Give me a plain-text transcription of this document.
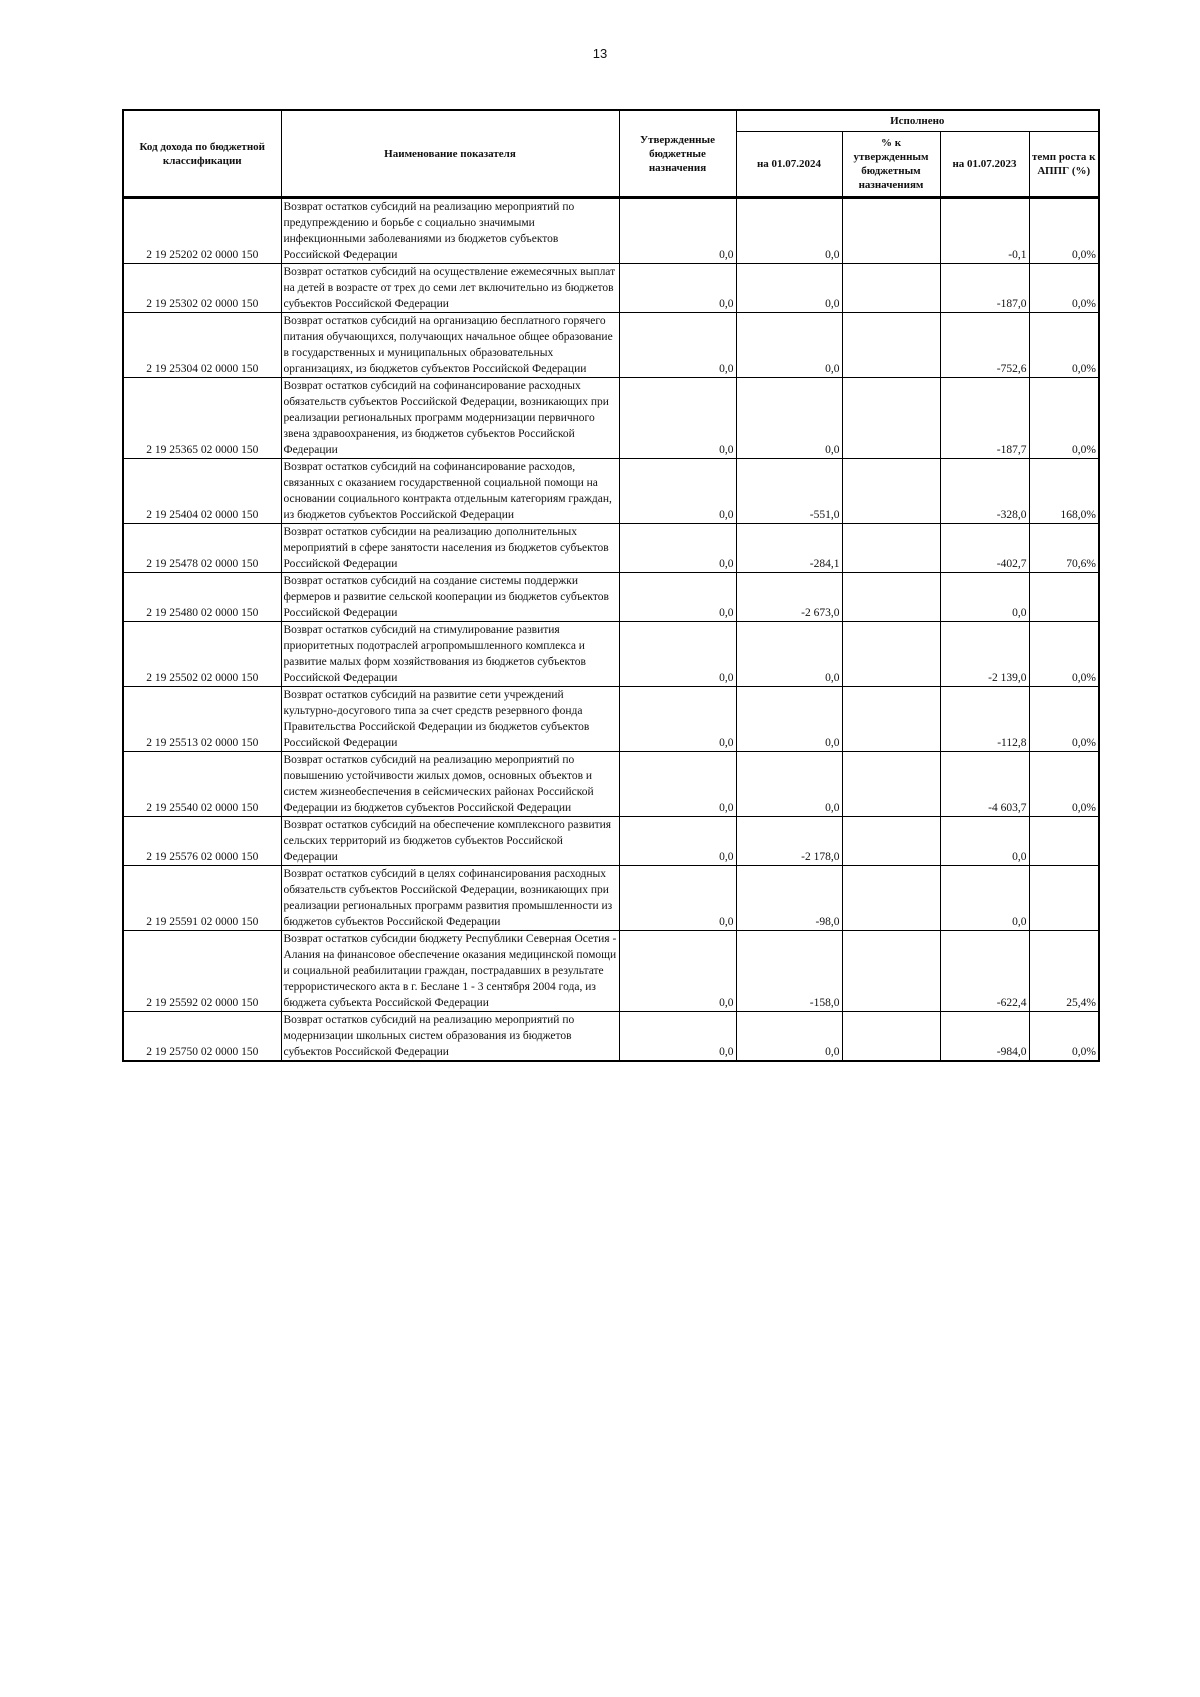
13
Код дохода по бюджетной классификации	Наименование показателя	Утвержденные бюджетные назначения	Исполнено			
			на 01.07.2024	% к утвержденным бюджетным назначениям	на 01.07.2023	темп роста к АППГ (%)
2 19 25202 02 0000 150	Возврат остатков субсидий на реализацию мероприятий по предупреждению и борьбе с социально значимыми инфекционными заболеваниями из бюджетов субъектов Российской Федерации	0,0	0,0		-0,1	0,0%
2 19 25302 02 0000 150	Возврат остатков субсидий на осуществление ежемесячных выплат на детей в возрасте от трех до семи лет включительно из бюджетов субъектов Российской Федерации	0,0	0,0		-187,0	0,0%
2 19 25304 02 0000 150	Возврат остатков субсидий на организацию бесплатного горячего питания обучающихся, получающих начальное общее образование в государственных и муниципальных образовательных организациях, из бюджетов субъектов Российской Федерации	0,0	0,0		-752,6	0,0%
2 19 25365 02 0000 150	Возврат остатков субсидий на софинансирование расходных обязательств субъектов Российской Федерации, возникающих при реализации региональных программ модернизации первичного звена здравоохранения, из бюджетов субъектов Российской Федерации	0,0	0,0		-187,7	0,0%
2 19 25404 02 0000 150	Возврат остатков субсидий на софинансирование расходов, связанных с оказанием государственной социальной помощи на основании социального контракта отдельным категориям граждан, из бюджетов субъектов Российской Федерации	0,0	-551,0		-328,0	168,0%
2 19 25478 02 0000 150	Возврат остатков субсидии на реализацию дополнительных мероприятий в сфере занятости населения из бюджетов субъектов Российской Федерации	0,0	-284,1		-402,7	70,6%
2 19 25480 02 0000 150	Возврат остатков субсидий на создание системы поддержки фермеров и развитие сельской кооперации из бюджетов субъектов Российской Федерации	0,0	-2 673,0		0,0	
2 19 25502 02 0000 150	Возврат остатков субсидий на стимулирование развития приоритетных подотраслей агропромышленного комплекса и развитие малых форм хозяйствования из бюджетов субъектов Российской Федерации	0,0	0,0		-2 139,0	0,0%
2 19 25513 02 0000 150	Возврат остатков субсидий на развитие сети учреждений культурно-досугового типа за счет средств резервного фонда Правительства Российской Федерации из бюджетов субъектов Российской Федерации	0,0	0,0		-112,8	0,0%
2 19 25540 02 0000 150	Возврат остатков субсидий на реализацию мероприятий по повышению устойчивости жилых домов, основных объектов и систем жизнеобеспечения в сейсмических районах Российской Федерации из бюджетов субъектов Российской Федерации	0,0	0,0		-4 603,7	0,0%
2 19 25576 02 0000 150	Возврат остатков субсидий на обеспечение комплексного развития сельских территорий из бюджетов субъектов Российской Федерации	0,0	-2 178,0		0,0	
2 19 25591 02 0000 150	Возврат остатков субсидий в целях софинансирования расходных обязательств субъектов Российской Федерации, возникающих при реализации региональных программ развития промышленности из бюджетов субъектов Российской Федерации	0,0	-98,0		0,0	
2 19 25592 02 0000 150	Возврат остатков субсидии бюджету Республики Северная Осетия - Алания на финансовое обеспечение оказания медицинской помощи и социальной реабилитации граждан, пострадавших в результате террористического акта в г. Беслане 1 - 3 сентября 2004 года, из бюджета субъекта Российской Федерации	0,0	-158,0		-622,4	25,4%
2 19 25750 02 0000 150	Возврат остатков субсидий на реализацию мероприятий по модернизации школьных систем образования из бюджетов субъектов Российской Федерации	0,0	0,0		-984,0	0,0%
